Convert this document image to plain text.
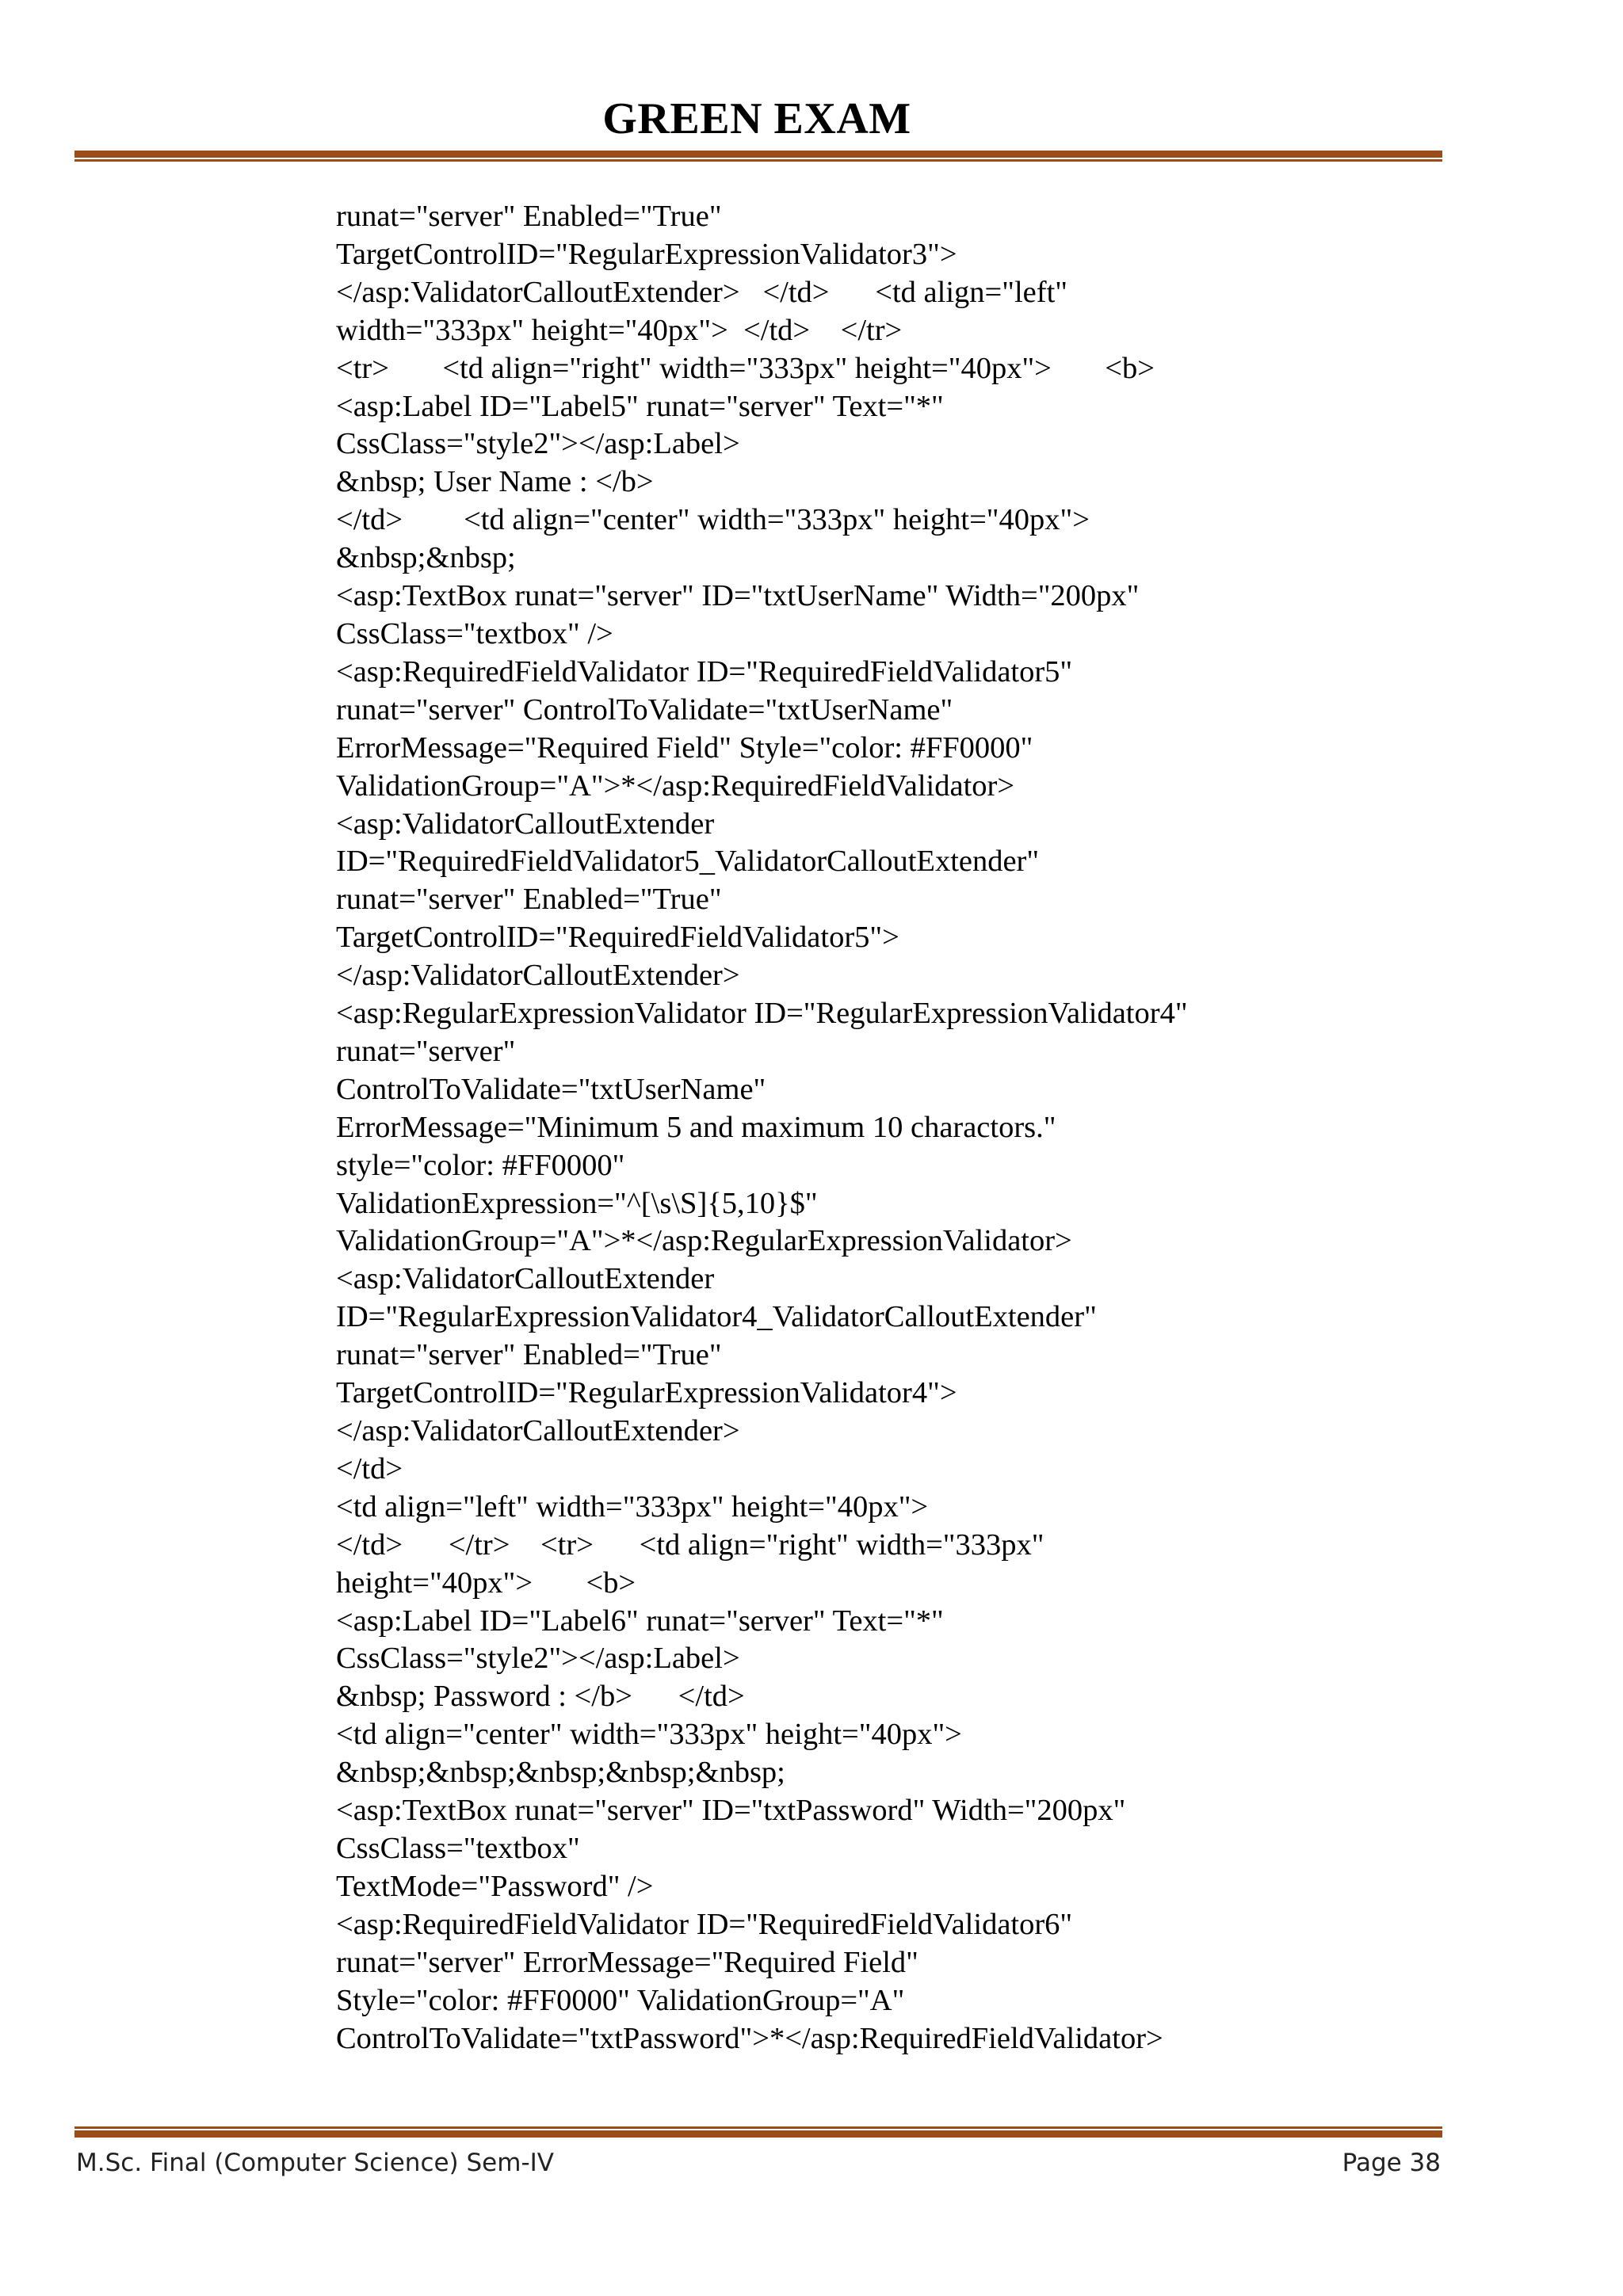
GREEN EXAM
runat="server" Enabled="True"
TargetControlID="RegularExpressionValidator3">
</asp:ValidatorCalloutExtender>   </td>      <td align="left"
width="333px" height="40px">  </td>    </tr>
<tr>       <td align="right" width="333px" height="40px">       <b>
<asp:Label ID="Label5" runat="server" Text="*"
CssClass="style2"></asp:Label>
&nbsp; User Name : </b>
</td>        <td align="center" width="333px" height="40px">
&nbsp;&nbsp;
<asp:TextBox runat="server" ID="txtUserName" Width="200px"
CssClass="textbox" />
<asp:RequiredFieldValidator ID="RequiredFieldValidator5"
runat="server" ControlToValidate="txtUserName"
ErrorMessage="Required Field" Style="color: #FF0000"
ValidationGroup="A">*</asp:RequiredFieldValidator>
<asp:ValidatorCalloutExtender
ID="RequiredFieldValidator5_ValidatorCalloutExtender"
runat="server" Enabled="True"
TargetControlID="RequiredFieldValidator5">
</asp:ValidatorCalloutExtender>
<asp:RegularExpressionValidator ID="RegularExpressionValidator4"
runat="server"
ControlToValidate="txtUserName"
ErrorMessage="Minimum 5 and maximum 10 charactors."
style="color: #FF0000"
ValidationExpression="^[\s\S]{5,10}$"
ValidationGroup="A">*</asp:RegularExpressionValidator>
<asp:ValidatorCalloutExtender
ID="RegularExpressionValidator4_ValidatorCalloutExtender"
runat="server" Enabled="True"
TargetControlID="RegularExpressionValidator4">
</asp:ValidatorCalloutExtender>
</td>
<td align="left" width="333px" height="40px">
</td>      </tr>    <tr>      <td align="right" width="333px"
height="40px">       <b>
<asp:Label ID="Label6" runat="server" Text="*"
CssClass="style2"></asp:Label>
&nbsp; Password : </b>      </td>
<td align="center" width="333px" height="40px">
&nbsp;&nbsp;&nbsp;&nbsp;&nbsp;
<asp:TextBox runat="server" ID="txtPassword" Width="200px"
CssClass="textbox"
TextMode="Password" />
<asp:RequiredFieldValidator ID="RequiredFieldValidator6"
runat="server" ErrorMessage="Required Field"
Style="color: #FF0000" ValidationGroup="A"
ControlToValidate="txtPassword">*</asp:RequiredFieldValidator>
M.Sc. Final (Computer Science) Sem-IV	Page 38
